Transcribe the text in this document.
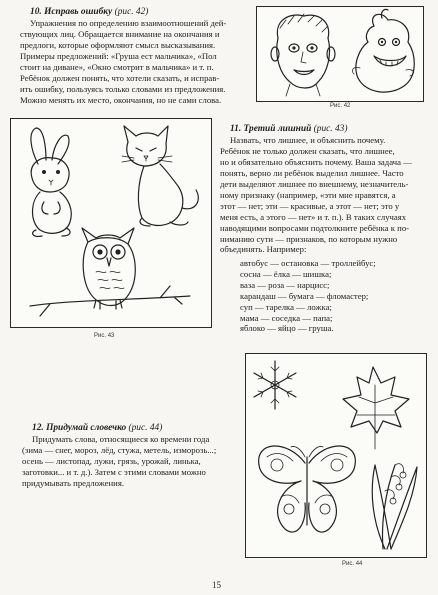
10. Исправь ошибку (рис. 42)

Упражнения по определению взаимоотношений дей-
ствующих лиц. Обращается внимание на окончания и
предлоги, которые оформляют смысл высказывания.
Примеры предложений: «Груша ест мальчика», «Пол
стоит на диване», «Окно смотрит в мальчика» и т. п.
Ребёнок должен понять, что хотели сказать, и исправ-
ить ошибку, пользуясь только словами из предложения.
Можно менять их место, окончания, но не сами слова.
Рис. 42
Рис. 43

11. Третий лишний (рис. 43)

Назвать, что лишнее, и объяснить почему.
Ребёнок не только должен сказать, что лишнее,
но и обязательно объяснить почему. Ваша задача —
понять, верно ли ребёнок выделил лишнее. Часто
дети выделяют лишнее по внешнему, незначитель-
ному признаку (например, «эти мне нравятся, а
этот — нет; эти — красивые, а этот — нет; это у
меня есть, а этого — нет» и т. п.). В таких случаях
наводящими вопросами подтолкните ребёнка к по-
ниманию сути — признаков, по которым нужно
объединять. Например:
автобус — остановка — троллейбус;
сосна — ёлка — шишка;
ваза — роза — нарцисс;
карандаш — бумага — фломастер;
суп — тарелка — ложка;
мама — соседка — папа;
яблоко — яйцо — груша.

12. Придумай словечко (рис. 44)

Придумать слова, относящиеся ко времени года
(зима — снег, мороз, лёд, стужа, метель, изморозь...;
осень — листопад, лужи, грязь, урожай, линька,
заготовки... и т. д.). Затем с этими словами можно
придумывать предложения.
Рис. 44
15
